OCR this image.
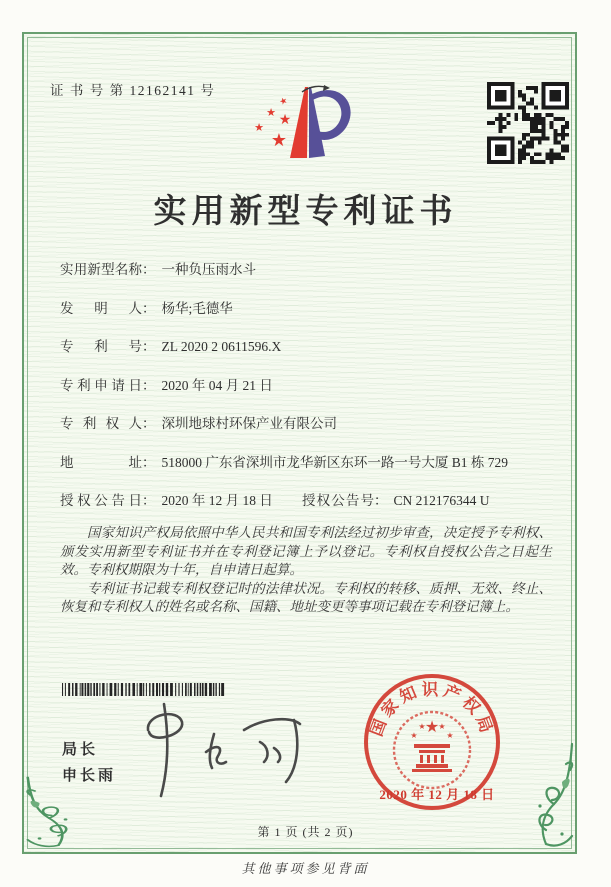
证 书 号 第 12162141 号
★
★ ★
★
★
实用新型专利证书
实用新型名称： 一种负压雨水斗
发明人： 杨华;毛德华
专利号： ZL 2020 2 0611596.X
专利申请日： 2020 年 04 月 21 日
专利权人： 深圳地球村环保产业有限公司
地址： 518000 广东省深圳市龙华新区东环一路一号大厦 B1 栋 729
授权公告日： 2020 年 12 月 18 日 授权公告号： CN 212176344 U

国家知识产权局依照中华人民共和国专利法经过初步审查，决定授予专利权、颁发实用新型专利证书并在专利登记簿上予以登记。专利权自授权公告之日起生效。专利权期限为十年，自申请日起算。

专利证书记载专利权登记时的法律状况。专利权的转移、质押、无效、终止、恢复和专利权人的姓名或名称、国籍、地址变更等事项记载在专利登记簿上。

局长
申长雨
国家知识产权局
★
★
★ ★
★
2020 年 12 月 18 日
第 1 页 (共 2 页)
其他事项参见背面
